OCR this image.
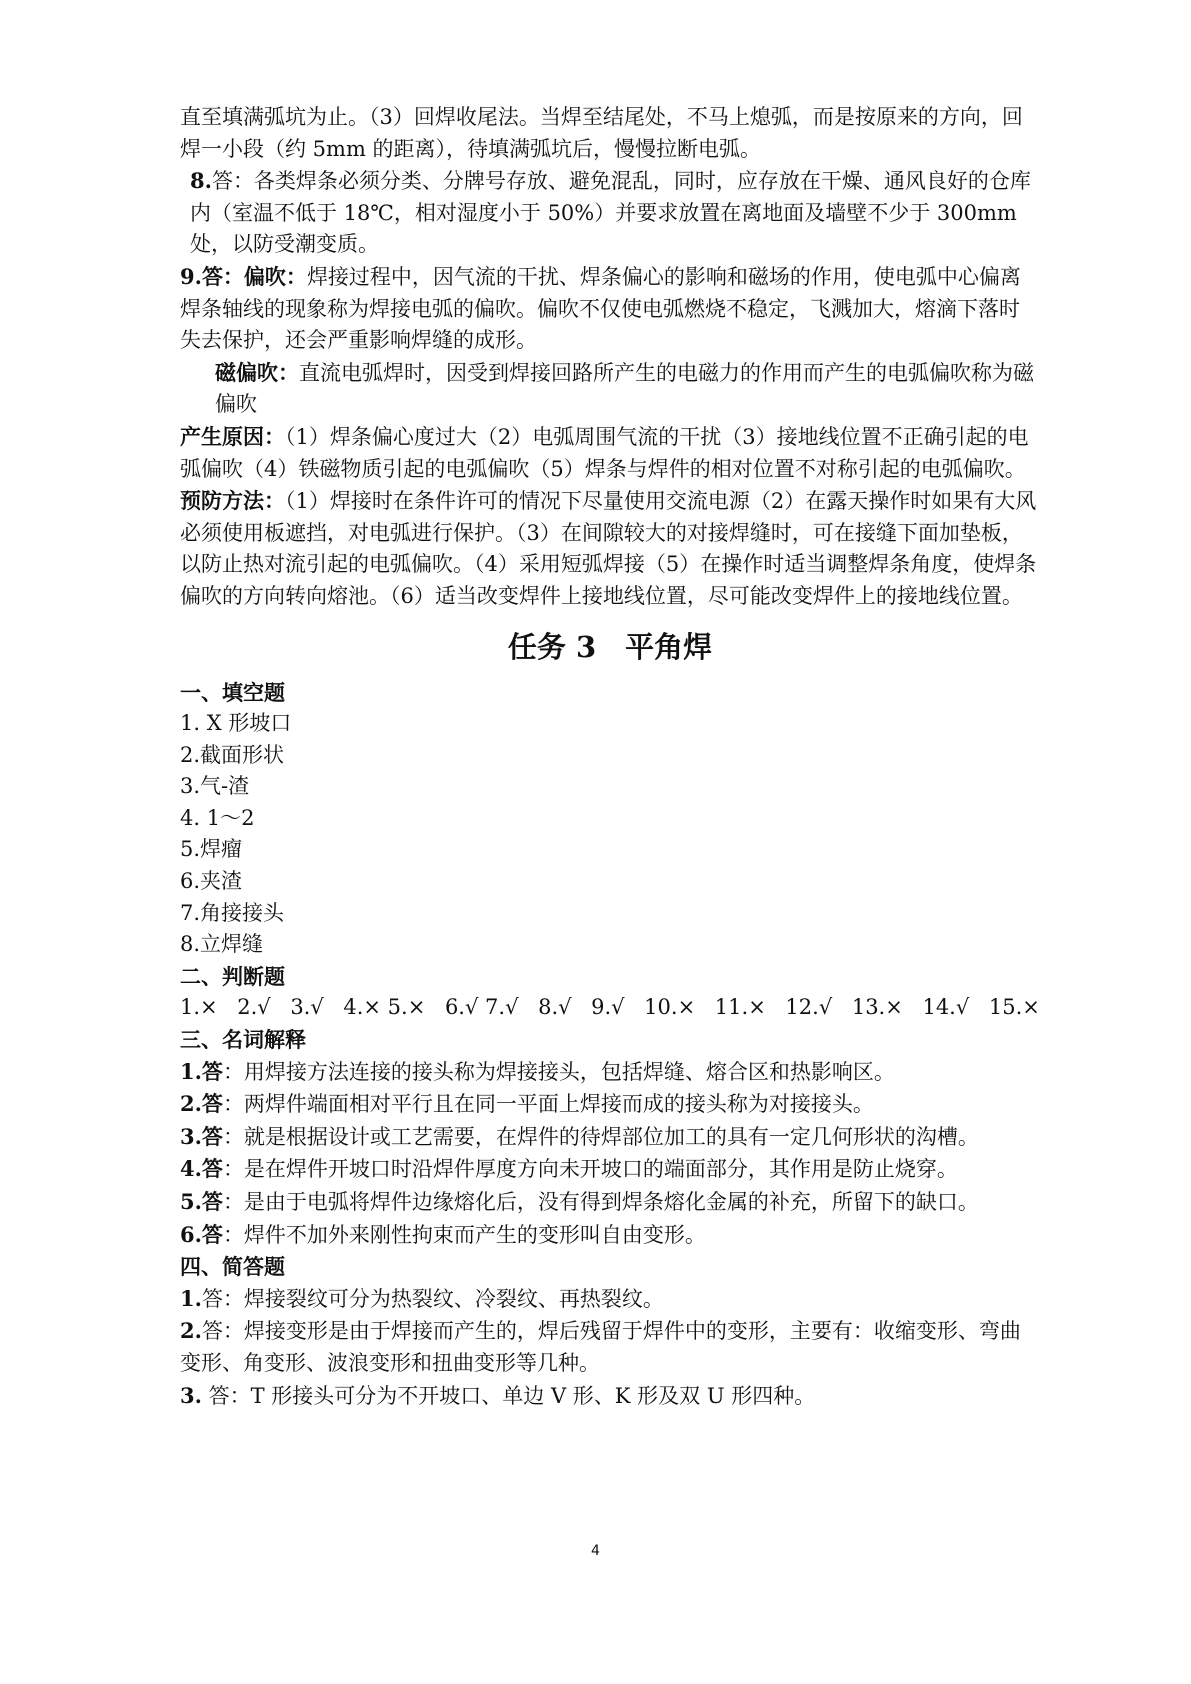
直至填满弧坑为止。（3）回焊收尾法。当焊至结尾处，不马上熄弧，而是按原来的方向，回焊一小段（约 5mm 的距离），待填满弧坑后，慢慢拉断电弧。

8.答：各类焊条必须分类、分牌号存放、避免混乱，同时，应存放在干燥、通风良好的仓库内（室温不低于 18℃，相对湿度小于 50%）并要求放置在离地面及墙壁不少于 300mm 处，以防受潮变质。

9.答：偏吹：焊接过程中，因气流的干扰、焊条偏心的影响和磁场的作用，使电弧中心偏离焊条轴线的现象称为焊接电弧的偏吹。偏吹不仅使电弧燃烧不稳定，飞溅加大，熔滴下落时失去保护，还会严重影响焊缝的成形。

磁偏吹：直流电弧焊时，因受到焊接回路所产生的电磁力的作用而产生的电弧偏吹称为磁偏吹

产生原因：（1）焊条偏心度过大（2）电弧周围气流的干扰（3）接地线位置不正确引起的电弧偏吹（4）铁磁物质引起的电弧偏吹（5）焊条与焊件的相对位置不对称引起的电弧偏吹。

预防方法：（1）焊接时在条件许可的情况下尽量使用交流电源（2）在露天操作时如果有大风必须使用板遮挡，对电弧进行保护。（3）在间隙较大的对接焊缝时，可在接缝下面加垫板，以防止热对流引起的电弧偏吹。（4）采用短弧焊接（5）在操作时适当调整焊条角度，使焊条偏吹的方向转向熔池。（6）适当改变焊件上接地线位置，尽可能改变焊件上的接地线位置。

任务 3　平角焊

一、填空题

1. X 形坡口

2.截面形状

3.气-渣

4. 1～2

5.焊瘤

6.夹渣

7.角接接头

8.立焊缝

二、判断题

1.× 2.√ 3.√ 4.× 5.× 6.√ 7.√ 8.√ 9.√ 10.× 11.× 12.√ 13.× 14.√ 15.×

三、名词解释

1.答：用焊接方法连接的接头称为焊接接头，包括焊缝、熔合区和热影响区。

2.答：两焊件端面相对平行且在同一平面上焊接而成的接头称为对接接头。

3.答：就是根据设计或工艺需要，在焊件的待焊部位加工的具有一定几何形状的沟槽。

4.答：是在焊件开坡口时沿焊件厚度方向未开坡口的端面部分，其作用是防止烧穿。

5.答：是由于电弧将焊件边缘熔化后，没有得到焊条熔化金属的补充，所留下的缺口。

6.答：焊件不加外来刚性拘束而产生的变形叫自由变形。

四、简答题

1.答：焊接裂纹可分为热裂纹、冷裂纹、再热裂纹。

2.答：焊接变形是由于焊接而产生的，焊后残留于焊件中的变形，主要有：收缩变形、弯曲变形、角变形、波浪变形和扭曲变形等几种。

3. 答：T 形接头可分为不开坡口、单边 V 形、K 形及双 U 形四种。

4
